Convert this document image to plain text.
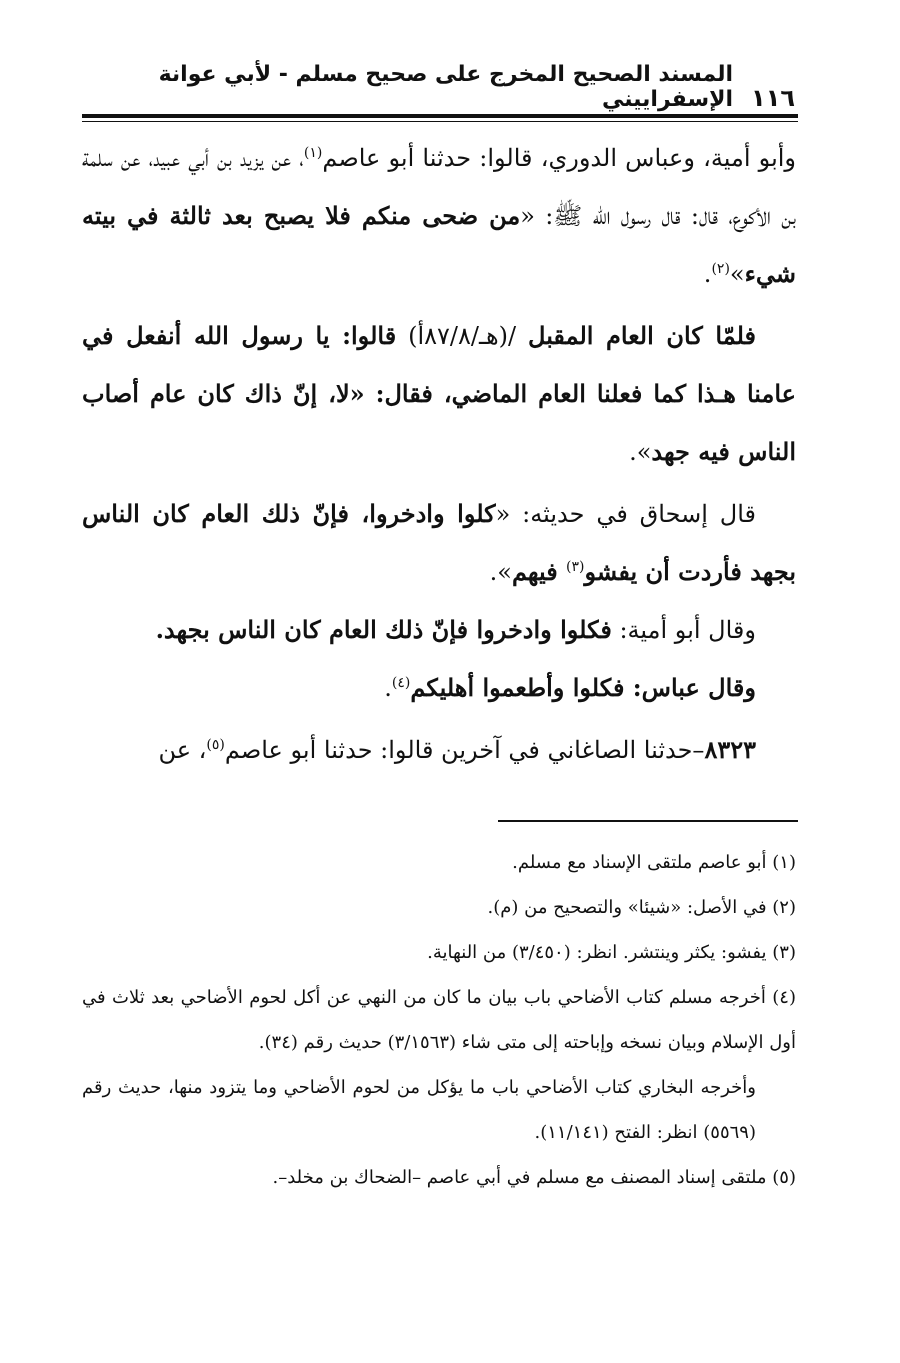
١١٦
المسند الصحيح المخرج على صحيح مسلم - لأبي عوانة الإسفراييني

وأبو أمية، وعباس الدوري، قالوا: حدثنا أبو عاصم$^{(١)}$، عن يزيد بن أبي عبيد، عن سلمة بن الأكوع، قال: قال رسول الله ﷺ: «من ضحى منكم فلا يصبح بعد ثالثة في بيته شيء»$^{(٢)}$.

فلمّا كان العام المقبل /(هـ/٨٧/٨أ) قالوا: يا رسول الله أنفعل في عامنا هـذا كما فعلنا العام الماضي، فقال: «لا، إنّ ذاك كان عام أصاب الناس فيه جهد».

قال إسحاق في حديثه: «كلوا وادخروا، فإنّ ذلك العام كان الناس بجهد فأردت أن يفشو$^{(٣)}$ فيهم».

وقال أبو أمية: فكلوا وادخروا فإنّ ذلك العام كان الناس بجهد.

وقال عباس: فكلوا وأطعموا أهليكم$^{(٤)}$.

٨٣٢٣–حدثنا الصاغاني في آخرين قالوا: حدثنا أبو عاصم$^{(٥)}$، عن

(١) أبو عاصم ملتقى الإسناد مع مسلم.

(٢) في الأصل: «شيئا» والتصحيح من (م).

(٣) يفشو: يكثر وينتشر. انظر: (٣/٤٥٠) من النهاية.

(٤) أخرجه مسلم كتاب الأضاحي باب بيان ما كان من النهي عن أكل لحوم الأضاحي بعد ثلاث في أول الإسلام وبيان نسخه وإباحته إلى متى شاء (٣/١٥٦٣) حديث رقم (٣٤).

وأخرجه البخاري كتاب الأضاحي باب ما يؤكل من لحوم الأضاحي وما يتزود منها، حديث رقم (٥٥٦٩) انظر: الفتح (١١/١٤١).

(٥) ملتقى إسناد المصنف مع مسلم في أبي عاصم –الضحاك بن مخلد–.
